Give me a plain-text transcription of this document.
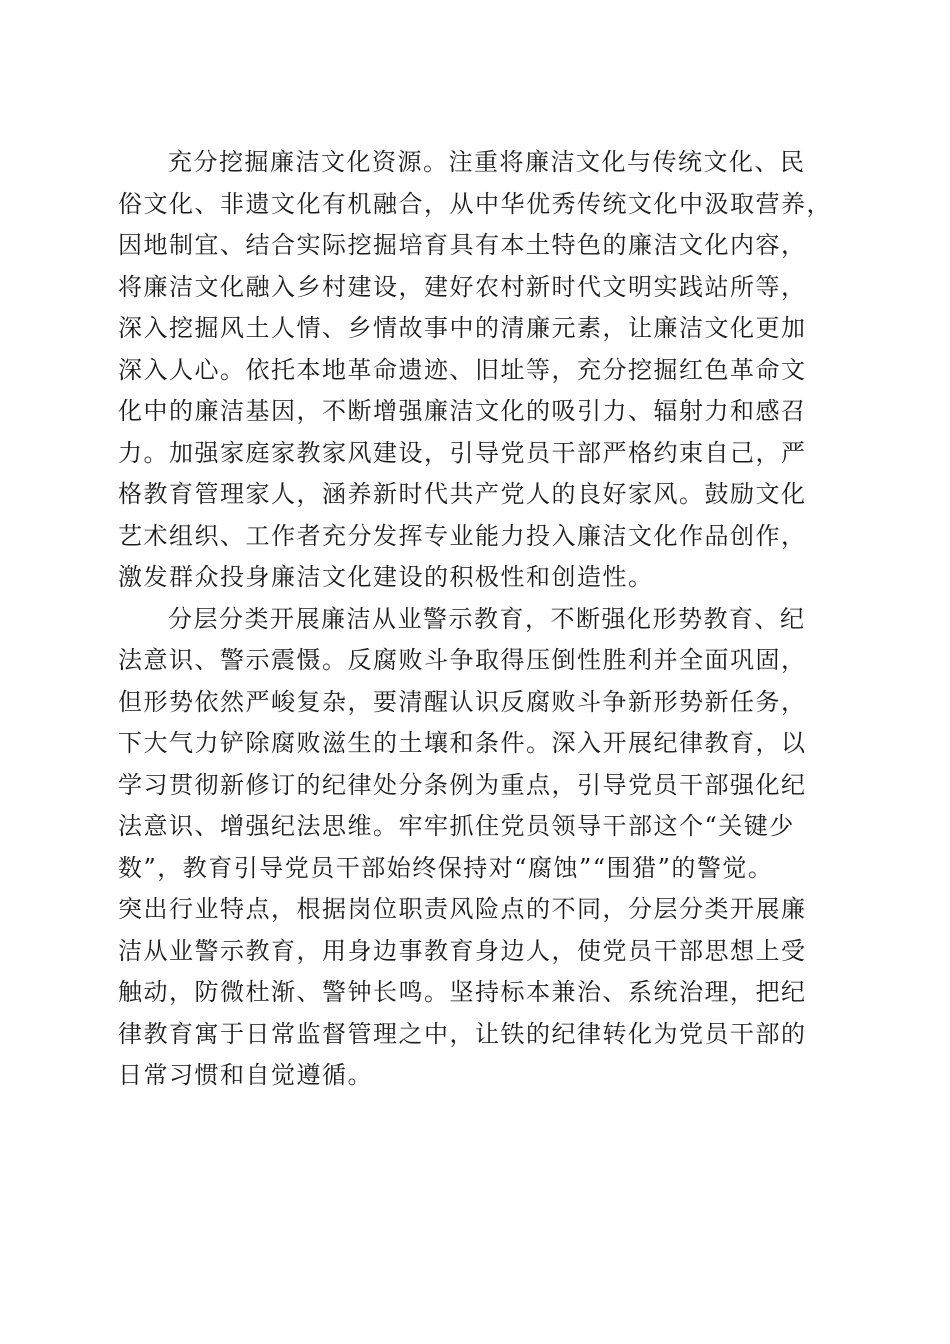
充分挖掘廉洁文化资源。注重将廉洁文化与传统文化、民
俗文化、非遗文化有机融合，从中华优秀传统文化中汲取营养，
因地制宜、结合实际挖掘培育具有本土特色的廉洁文化内容，
将廉洁文化融入乡村建设，建好农村新时代文明实践站所等，
深入挖掘风土人情、乡情故事中的清廉元素，让廉洁文化更加
深入人心。依托本地革命遗迹、旧址等，充分挖掘红色革命文
化中的廉洁基因，不断增强廉洁文化的吸引力、辐射力和感召
力。加强家庭家教家风建设，引导党员干部严格约束自己，严
格教育管理家人，涵养新时代共产党人的良好家风。鼓励文化
艺术组织、工作者充分发挥专业能力投入廉洁文化作品创作，
激发群众投身廉洁文化建设的积极性和创造性。
分层分类开展廉洁从业警示教育，不断强化形势教育、纪
法意识、警示震慑。反腐败斗争取得压倒性胜利并全面巩固，
但形势依然严峻复杂，要清醒认识反腐败斗争新形势新任务，
下大气力铲除腐败滋生的土壤和条件。深入开展纪律教育，以
学习贯彻新修订的纪律处分条例为重点，引导党员干部强化纪
法意识、增强纪法思维。牢牢抓住党员领导干部这个“关键少
数”，教育引导党员干部始终保持对“腐蚀”“围猎”的警觉。
突出行业特点，根据岗位职责风险点的不同，分层分类开展廉
洁从业警示教育，用身边事教育身边人，使党员干部思想上受
触动，防微杜渐、警钟长鸣。坚持标本兼治、系统治理，把纪
律教育寓于日常监督管理之中，让铁的纪律转化为党员干部的
日常习惯和自觉遵循。
